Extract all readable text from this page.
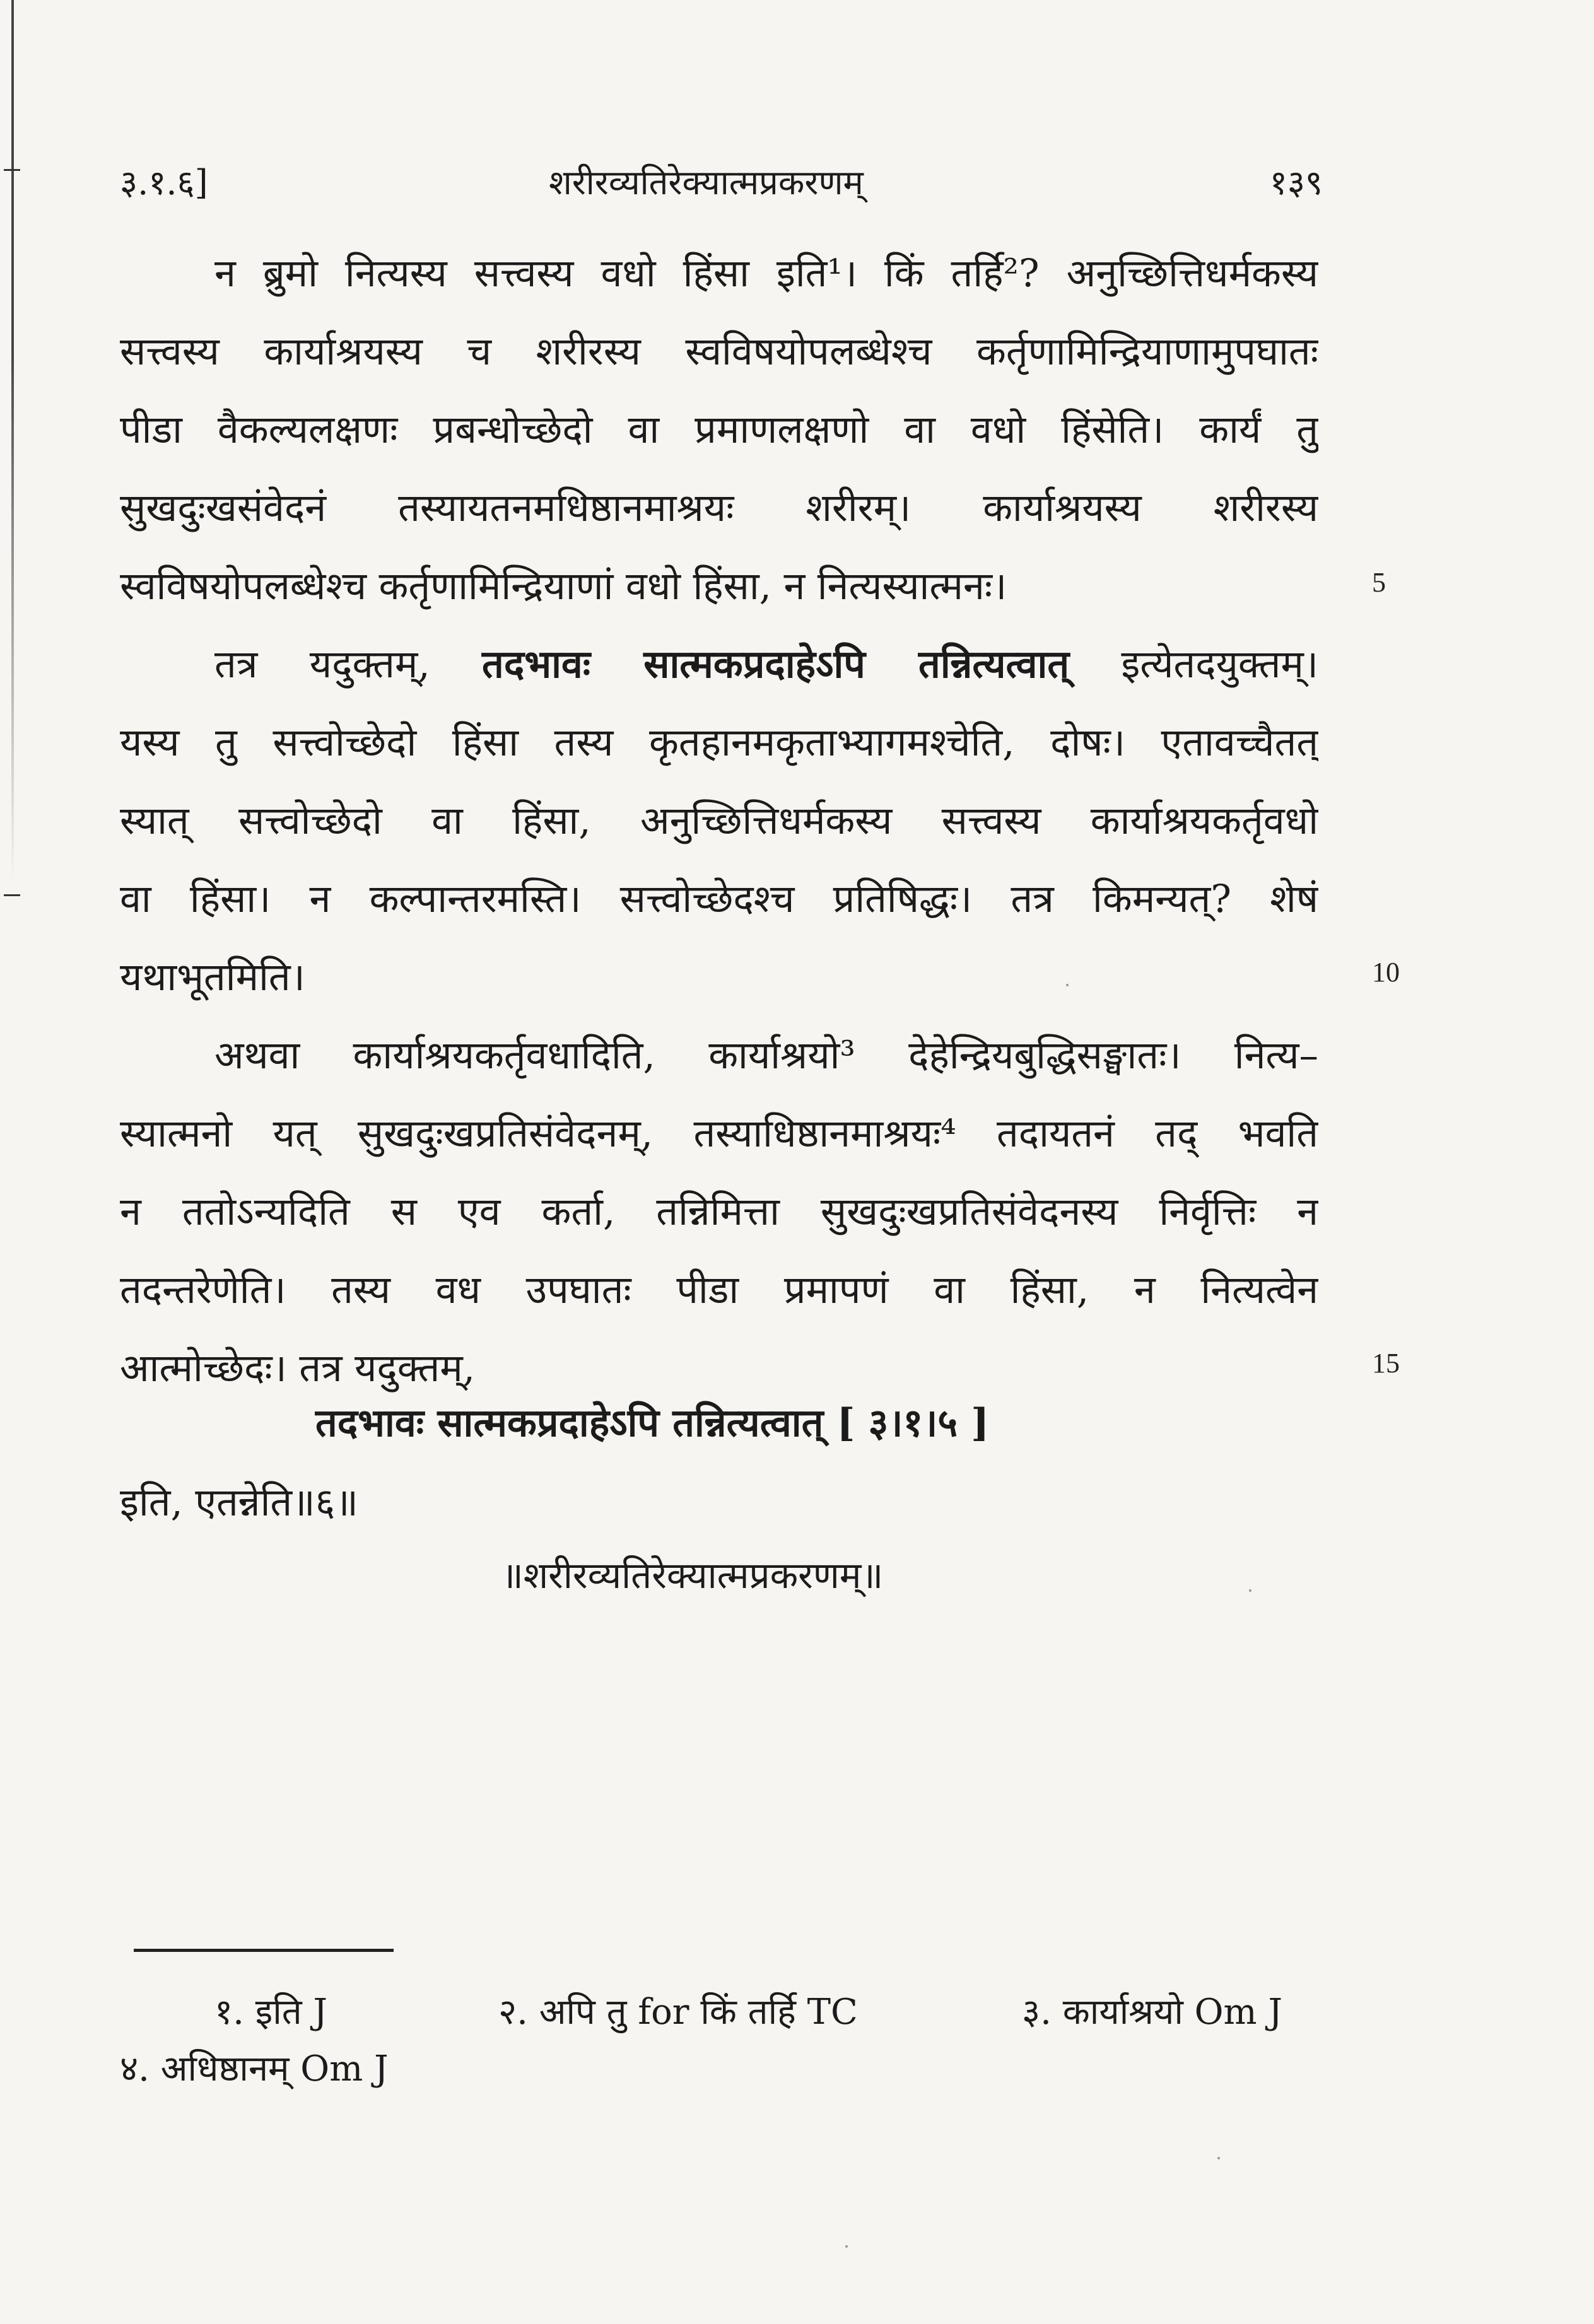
३.१.६]	शरीरव्यतिरेक्यात्मप्रकरणम्	१३९
न ब्रुमो नित्यस्य सत्त्वस्य वधो हिंसा इति¹। किं तर्हि²? अनुच्छित्तिधर्मकस्य
सत्त्वस्य कार्याश्रयस्य च शरीरस्य स्वविषयोपलब्धेश्च कर्तृणामिन्द्रियाणामुपघातः
पीडा वैकल्यलक्षणः प्रबन्धोच्छेदो वा प्रमाणलक्षणो वा वधो हिंसेति। कार्यं तु
सुखदुःखसंवेदनं तस्यायतनमधिष्ठानमाश्रयः शरीरम्। कार्याश्रयस्य शरीरस्य
स्वविषयोपलब्धेश्च कर्तृणामिन्द्रियाणां वधो हिंसा, न नित्यस्यात्मनः।
तत्र यदुक्तम्, तदभावः सात्मकप्रदाहेऽपि तन्नित्यत्वात् इत्येतदयुक्तम्।
यस्य तु सत्त्वोच्छेदो हिंसा तस्य कृतहानमकृताभ्यागमश्चेति, दोषः। एतावच्चैतत्
स्यात् सत्त्वोच्छेदो वा हिंसा, अनुच्छित्तिधर्मकस्य सत्त्वस्य कार्याश्रयकर्तृवधो
वा हिंसा। न कल्पान्तरमस्ति। सत्त्वोच्छेदश्च प्रतिषिद्धः। तत्र किमन्यत्? शेषं
यथाभूतमिति।
अथवा कार्याश्रयकर्तृवधादिति, कार्याश्रयो³ देहेन्द्रियबुद्धिसङ्घातः। नित्य–
स्यात्मनो यत् सुखदुःखप्रतिसंवेदनम्, तस्याधिष्ठानमाश्रयः⁴ तदायतनं तद् भवति
न ततोऽन्यदिति स एव कर्ता, तन्निमित्ता सुखदुःखप्रतिसंवेदनस्य निर्वृत्तिः न
तदन्तरेणेति। तस्य वध उपघातः पीडा प्रमापणं वा हिंसा, न नित्यत्वेन
आत्मोच्छेदः। तत्र यदुक्तम्,
5
10
15
तदभावः सात्मकप्रदाहेऽपि तन्नित्यत्वात् [ ३।१।५ ]
इति, एतन्नेति॥६॥
॥शरीरव्यतिरेक्यात्मप्रकरणम्॥
१. इति J	२. अपि तु for किं तर्हि TC	३. कार्याश्रयो Om J
४. अधिष्ठानम् Om J
